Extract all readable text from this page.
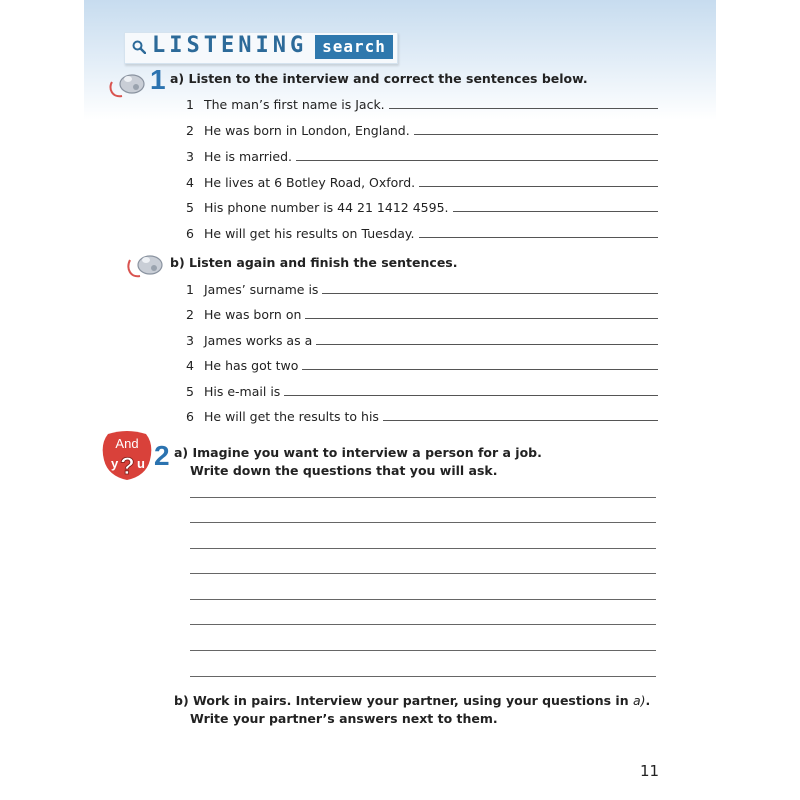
LISTENING search
1 a) Listen to the interview and correct the sentences below.
1 The man’s first name is Jack.
2 He was born in London, England.
3 He is married.
4 He lives at 6 Botley Road, Oxford.
5 His phone number is 44 21 1412 4595.
6 He will get his results on Tuesday.
b) Listen again and finish the sentences.
1 James’ surname is
2 He was born on
3 James works as a
4 He has got two
5 His e-mail is
6 He will get the results to his
And
y ? u 2 a) Imagine you want to interview a person for a job.
Write down the questions that you will ask.
b) Work in pairs. Interview your partner, using your questions in a).
Write your partner’s answers next to them.
11
